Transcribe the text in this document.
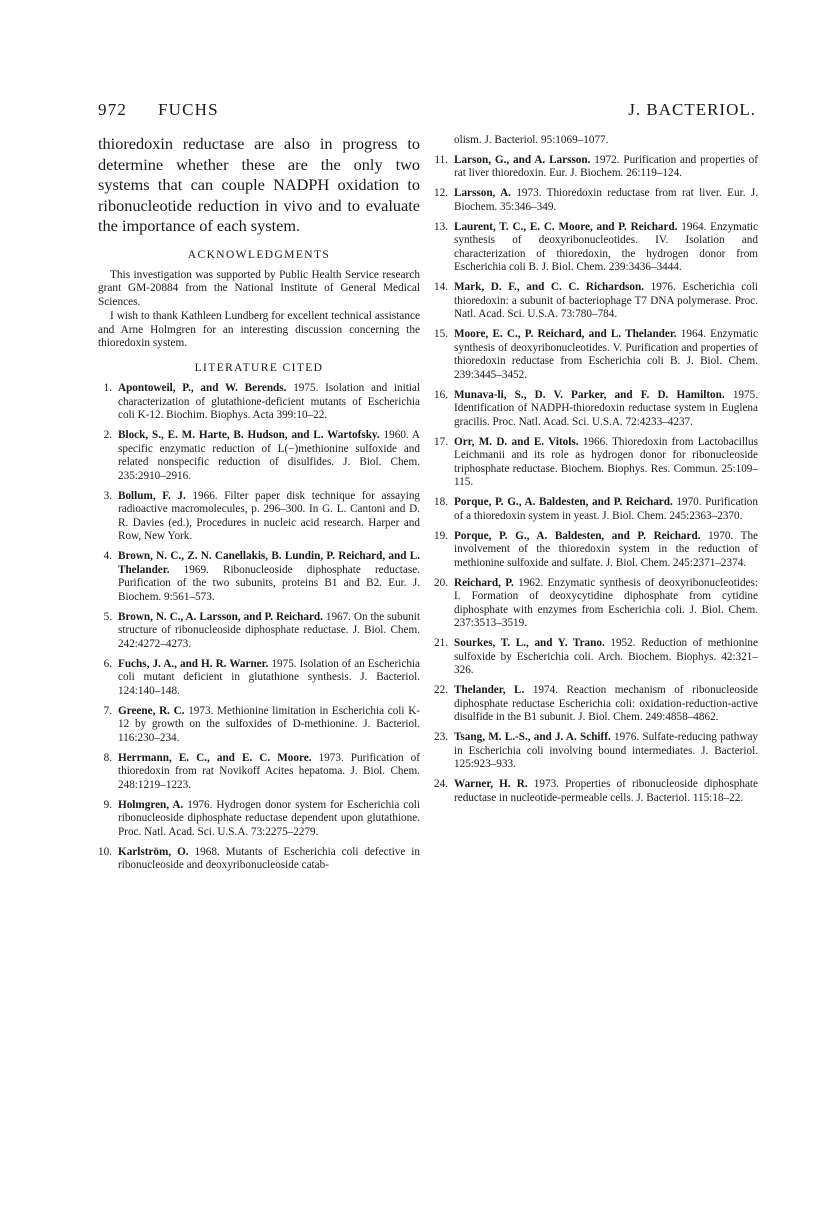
972 FUCHS	J. BACTERIOL.

thioredoxin reductase are also in progress to determine whether these are the only two systems that can couple NADPH oxidation to ribonucleotide reduction in vivo and to evaluate the importance of each system.

ACKNOWLEDGMENTS

This investigation was supported by Public Health Service research grant GM-20884 from the National Institute of General Medical Sciences.

I wish to thank Kathleen Lundberg for excellent technical assistance and Arne Holmgren for an interesting discussion concerning the thioredoxin system.

LITERATURE CITED
1. Apontoweil, P., and W. Berends. 1975. Isolation and initial characterization of glutathione-deficient mutants of Escherichia coli K-12. Biochim. Biophys. Acta 399:10–22.
2. Block, S., E. M. Harte, B. Hudson, and L. Wartofsky. 1960. A specific enzymatic reduction of L(−)methionine sulfoxide and related nonspecific reduction of disulfides. J. Biol. Chem. 235:2910–2916.
3. Bollum, F. J. 1966. Filter paper disk technique for assaying radioactive macromolecules, p. 296–300. In G. L. Cantoni and D. R. Davies (ed.), Procedures in nucleic acid research. Harper and Row, New York.
4. Brown, N. C., Z. N. Canellakis, B. Lundin, P. Reichard, and L. Thelander. 1969. Ribonucleoside diphosphate reductase. Purification of the two subunits, proteins B1 and B2. Eur. J. Biochem. 9:561–573.
5. Brown, N. C., A. Larsson, and P. Reichard. 1967. On the subunit structure of ribonucleoside diphosphate reductase. J. Biol. Chem. 242:4272–4273.
6. Fuchs, J. A., and H. R. Warner. 1975. Isolation of an Escherichia coli mutant deficient in glutathione synthesis. J. Bacteriol. 124:140–148.
7. Greene, R. C. 1973. Methionine limitation in Escherichia coli K-12 by growth on the sulfoxides of D-methionine. J. Bacteriol. 116:230–234.
8. Herrmann, E. C., and E. C. Moore. 1973. Purification of thioredoxin from rat Novikoff Acites hepatoma. J. Biol. Chem. 248:1219–1223.
9. Holmgren, A. 1976. Hydrogen donor system for Escherichia coli ribonucleoside diphosphate reductase dependent upon glutathione. Proc. Natl. Acad. Sci. U.S.A. 73:2275–2279.
10. Karlström, O. 1968. Mutants of Escherichia coli defective in ribonucleoside and deoxyribonucleoside catab-
olism. J. Bacteriol. 95:1069–1077.
11. Larson, G., and A. Larsson. 1972. Purification and properties of rat liver thioredoxin. Eur. J. Biochem. 26:119–124.
12. Larsson, A. 1973. Thioredoxin reductase from rat liver. Eur. J. Biochem. 35:346–349.
13. Laurent, T. C., E. C. Moore, and P. Reichard. 1964. Enzymatic synthesis of deoxyribonucleotides. IV. Isolation and characterization of thioredoxin, the hydrogen donor from Escherichia coli B. J. Biol. Chem. 239:3436–3444.
14. Mark, D. F., and C. C. Richardson. 1976. Escherichia coli thioredoxin: a subunit of bacteriophage T7 DNA polymerase. Proc. Natl. Acad. Sci. U.S.A. 73:780–784.
15. Moore, E. C., P. Reichard, and L. Thelander. 1964. Enzymatic synthesis of deoxyribonucleotides. V. Purification and properties of thioredoxin reductase from Escherichia coli B. J. Biol. Chem. 239:3445–3452.
16. Munava-li, S., D. V. Parker, and F. D. Hamilton. 1975. Identification of NADPH-thioredoxin reductase system in Euglena gracilis. Proc. Natl. Acad. Sci. U.S.A. 72:4233–4237.
17. Orr, M. D. and E. Vitols. 1966. Thioredoxin from Lactobacillus Leichmanii and its role as hydrogen donor for ribonucleoside triphosphate reductase. Biochem. Biophys. Res. Commun. 25:109–115.
18. Porque, P. G., A. Baldesten, and P. Reichard. 1970. Purification of a thioredoxin system in yeast. J. Biol. Chem. 245:2363–2370.
19. Porque, P. G., A. Baldesten, and P. Reichard. 1970. The involvement of the thioredoxin system in the reduction of methionine sulfoxide and sulfate. J. Biol. Chem. 245:2371–2374.
20. Reichard, P. 1962. Enzymatic synthesis of deoxyribonucleotides: I. Formation of deoxycytidine diphosphate from cytidine diphosphate with enzymes from Escherichia coli. J. Biol. Chem. 237:3513–3519.
21. Sourkes, T. L., and Y. Trano. 1952. Reduction of methionine sulfoxide by Escherichia coli. Arch. Biochem. Biophys. 42:321–326.
22. Thelander, L. 1974. Reaction mechanism of ribonucleoside diphosphate reductase Escherichia coli: oxidation-reduction-active disulfide in the B1 subunit. J. Biol. Chem. 249:4858–4862.
23. Tsang, M. L.-S., and J. A. Schiff. 1976. Sulfate-reducing pathway in Escherichia coli involving bound intermediates. J. Bacteriol. 125:923–933.
24. Warner, H. R. 1973. Properties of ribonucleoside diphosphate reductase in nucleotide-permeable cells. J. Bacteriol. 115:18–22.
